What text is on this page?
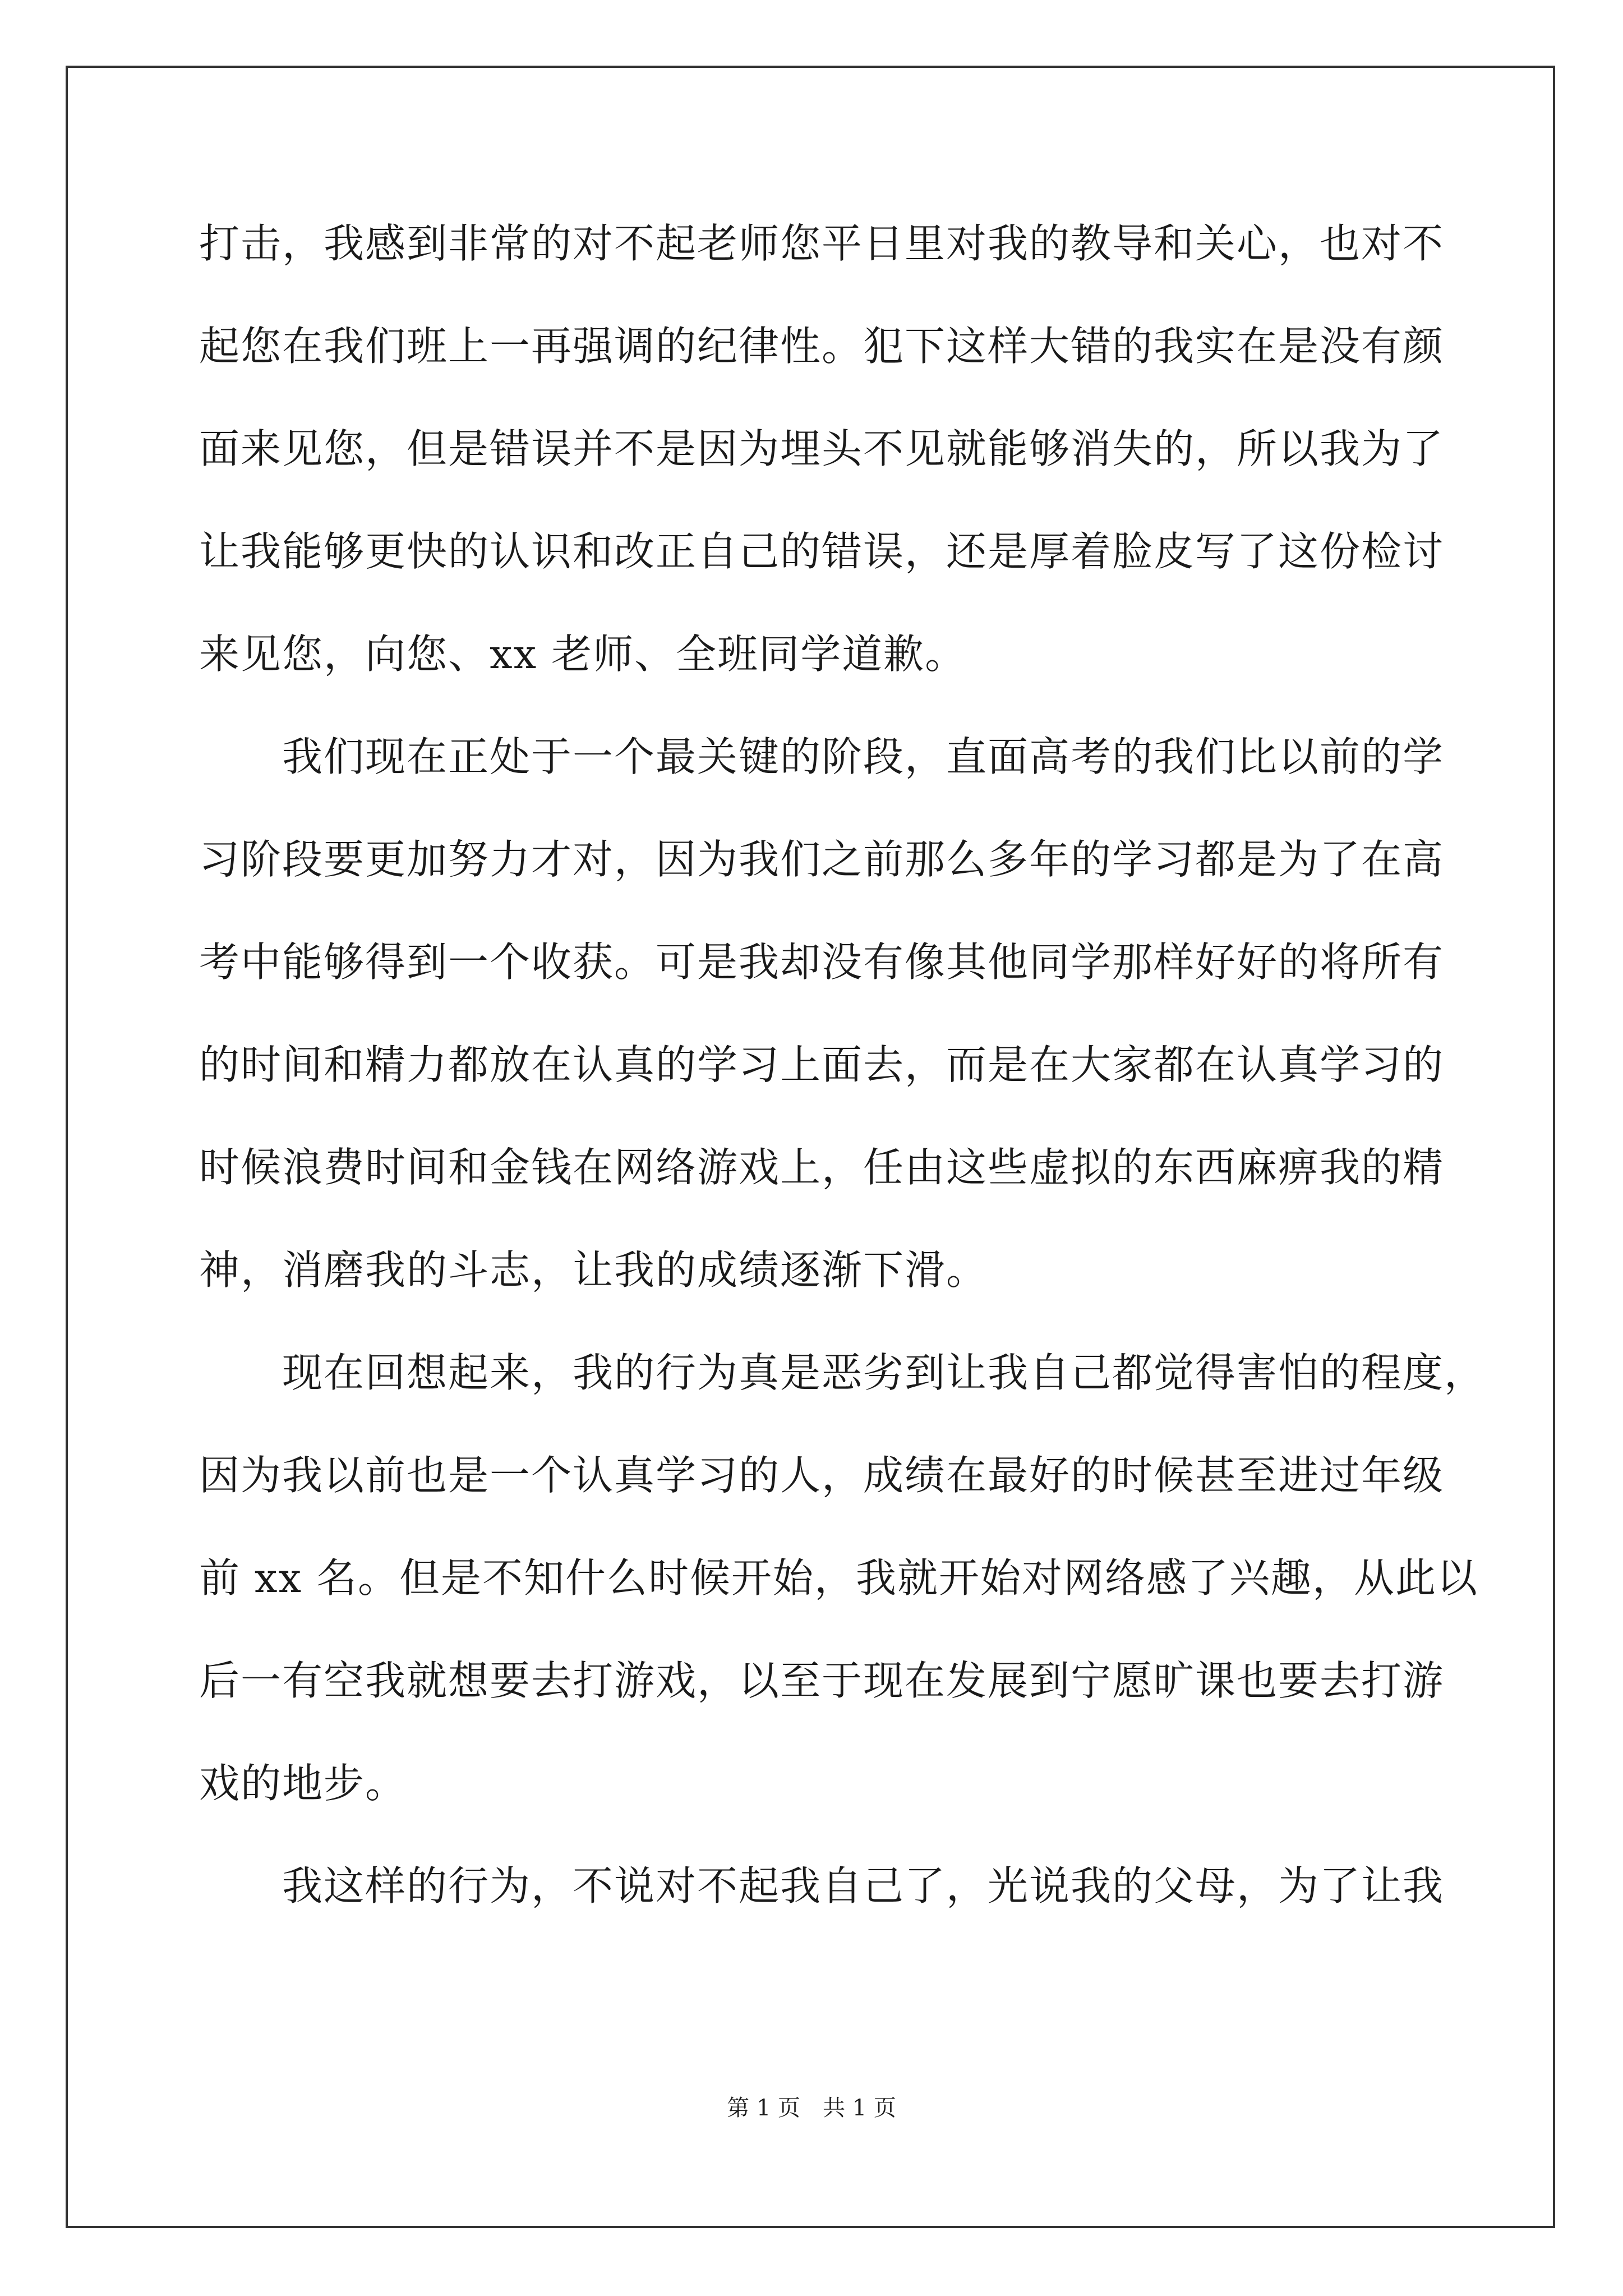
打击，我感到非常的对不起老师您平日里对我的教导和关心，也对不
起您在我们班上一再强调的纪律性。犯下这样大错的我实在是没有颜
面来见您，但是错误并不是因为埋头不见就能够消失的，所以我为了
让我能够更快的认识和改正自己的错误，还是厚着脸皮写了这份检讨
来见您，向您、xx 老师、全班同学道歉。
我们现在正处于一个最关键的阶段，直面高考的我们比以前的学
习阶段要更加努力才对，因为我们之前那么多年的学习都是为了在高
考中能够得到一个收获。可是我却没有像其他同学那样好好的将所有
的时间和精力都放在认真的学习上面去，而是在大家都在认真学习的
时候浪费时间和金钱在网络游戏上，任由这些虚拟的东西麻痹我的精
神，消磨我的斗志，让我的成绩逐渐下滑。
现在回想起来，我的行为真是恶劣到让我自己都觉得害怕的程度，
因为我以前也是一个认真学习的人，成绩在最好的时候甚至进过年级
前 xx 名。但是不知什么时候开始，我就开始对网络感了兴趣，从此以
后一有空我就想要去打游戏，以至于现在发展到宁愿旷课也要去打游
戏的地步。
我这样的行为，不说对不起我自己了，光说我的父母，为了让我
第 1 页 共 1 页
